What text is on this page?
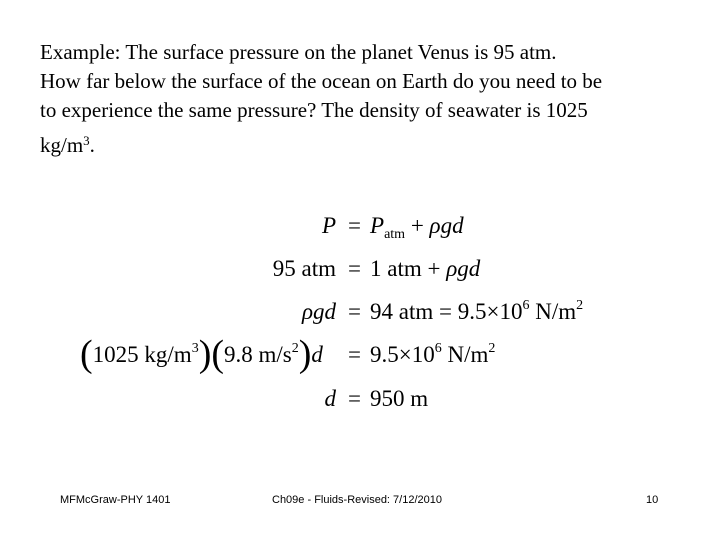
Example: The surface pressure on the planet Venus is 95 atm.
How far below the surface of the ocean on Earth do you need to be
to experience the same pressure? The density of seawater is 1025
$kg/m^3$.
$P = P_{atm} + \rho gd$
95 atm = 1 atm + ρgd
ρgd = 94 atm = $9.5\times 10^6$ $N/m^2$
(1025 $kg/m^3)(9.8$ $m/s^2)d = 9.5\times 10^6$ $N/m^2$
d = 950 m
MFMcGraw-PHY 1401	Ch09e - Fluids-Revised: 7/12/2010	10
